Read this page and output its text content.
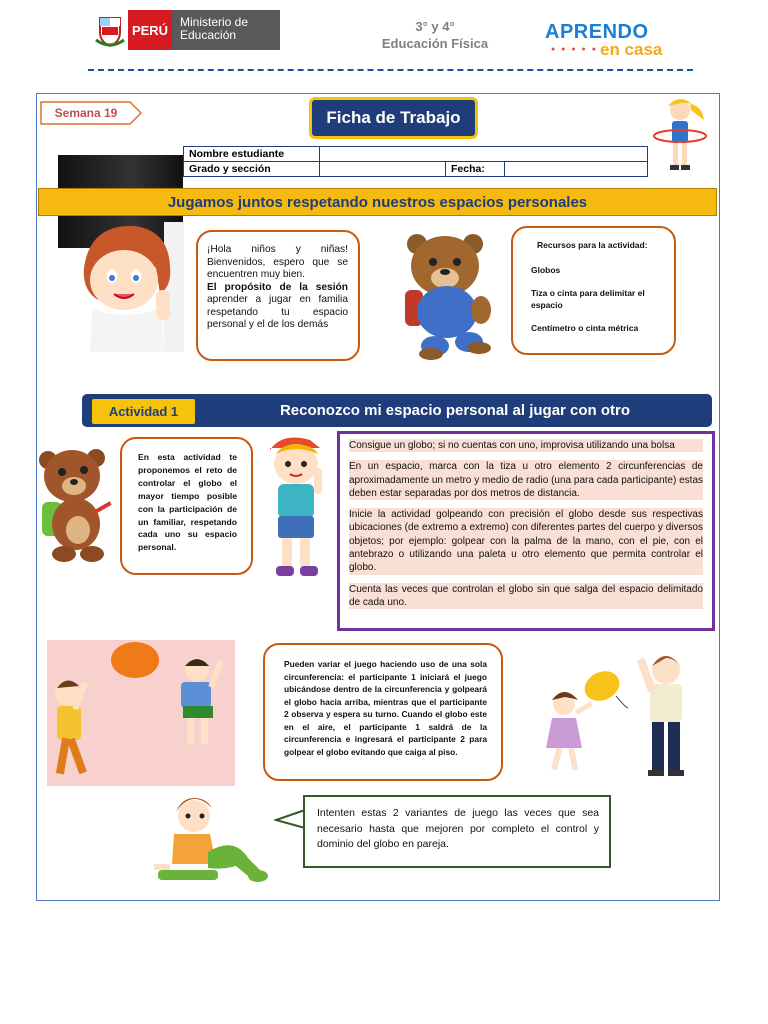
PERÚ
Ministerio de Educación
3° y 4°
Educación Física
APRENDO
● ● ● ● ● en casa
Semana 19	Ficha de Trabajo
Nombre estudiante			
Grado y sección		Fecha:	
Jugamos juntos respetando nuestros espacios personales
¡Hola niños y niñas! Bienvenidos, espero que se encuentren muy bien.
El propósito de la sesión aprender a jugar en familia respetando tu espacio personal y el de los demás
Recursos para la actividad:
Globos
Tiza o cinta para delimitar el espacio
Centímetro o cinta métrica
Actividad 1	Reconozco mi espacio personal al jugar con otro
En esta actividad te proponemos el reto de controlar el globo el mayor tiempo posible con la participación de un familiar, respetando cada uno su espacio personal.

Consigue un globo; si no cuentas con uno, improvisa utilizando una bolsa

En un espacio, marca con la tiza u otro elemento 2 circunferencias de aproximadamente un metro y medio de radio (una para cada participante) estas deben estar separadas por dos metros de distancia.

Inicie la actividad golpeando con precisión el globo desde sus respectivas ubicaciones (de extremo a extremo) con diferentes partes del cuerpo y diversos objetos; por ejemplo: golpear con la palma de la mano, con el pie, con el antebrazo o utilizando una paleta u otro elemento que permita controlar el globo.

Cuenta las veces que controlan el globo sin que salga del espacio delimitado de cada uno.

Pueden variar el juego haciendo uso de una sola circunferencia: el participante 1 iniciará el juego ubicándose dentro de la circunferencia y golpeará el globo hacia arriba, mientras que el participante 2 observa y espera su turno. Cuando el globo este en el aire, el participante 1 saldrá de la circunferencia e ingresará el participante 2 para golpear el globo evitando que caiga al piso.
Intenten estas 2 variantes de juego las veces que sea necesario hasta que mejoren por completo el control y dominio del globo en pareja.
